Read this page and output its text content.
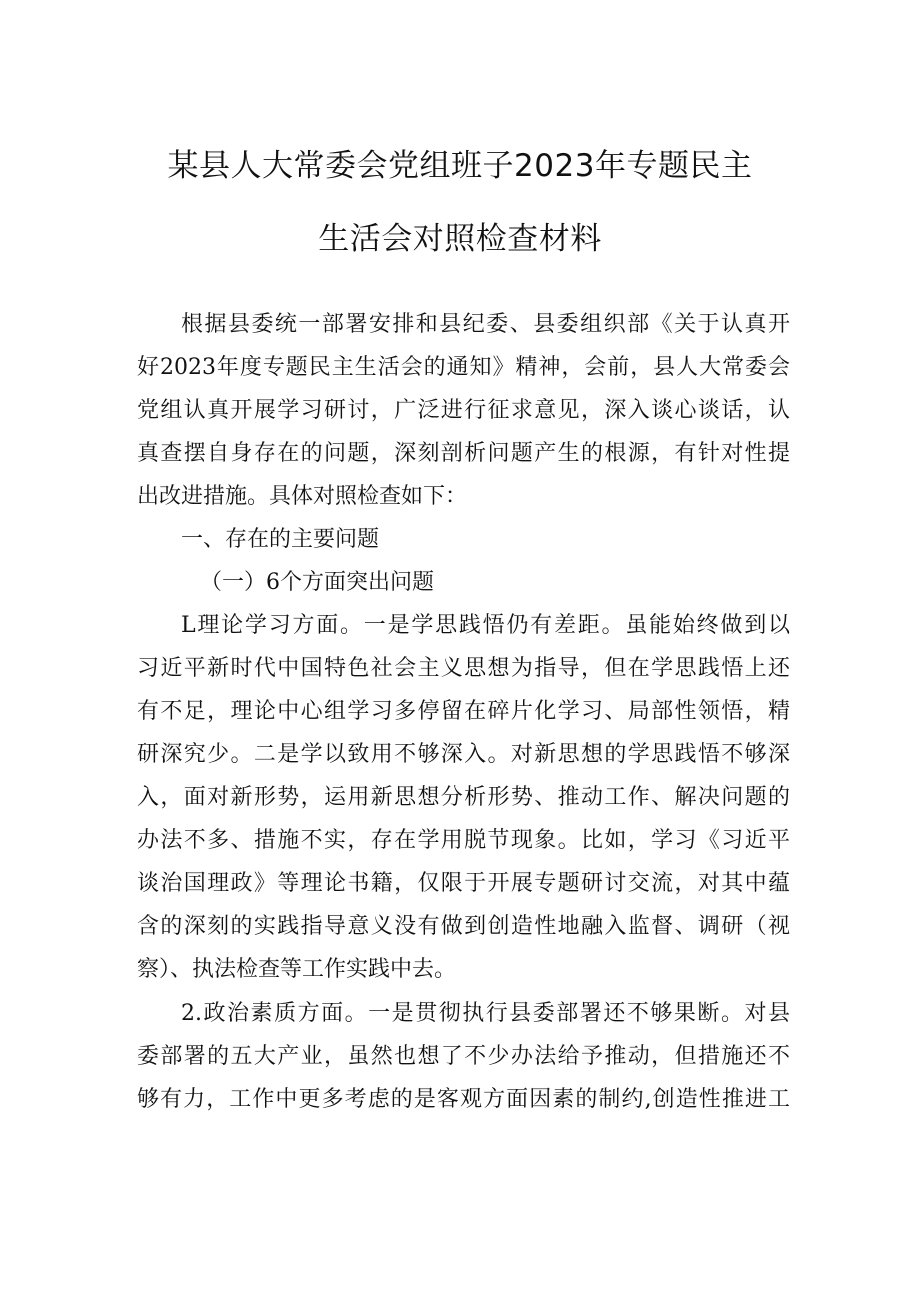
某县人大常委会党组班子2023年专题民主
生活会对照检查材料
根据县委统一部署安排和县纪委、县委组织部《关于认真开
好2023年度专题民主生活会的通知》精神，会前，县人大常委会
党组认真开展学习研讨，广泛进行征求意见，深入谈心谈话，认
真查摆自身存在的问题，深刻剖析问题产生的根源，有针对性提
出改进措施。具体对照检查如下：
一、存在的主要问题
（一）6个方面突出问题
L理论学习方面。一是学思践悟仍有差距。虽能始终做到以
习近平新时代中国特色社会主义思想为指导，但在学思践悟上还
有不足，理论中心组学习多停留在碎片化学习、局部性领悟，精
研深究少。二是学以致用不够深入。对新思想的学思践悟不够深
入，面对新形势，运用新思想分析形势、推动工作、解决问题的
办法不多、措施不实，存在学用脱节现象。比如，学习《习近平
谈治国理政》等理论书籍，仅限于开展专题研讨交流，对其中蕴
含的深刻的实践指导意义没有做到创造性地融入监督、调研（视
察）、执法检查等工作实践中去。
2.政治素质方面。一是贯彻执行县委部署还不够果断。对县
委部署的五大产业，虽然也想了不少办法给予推动，但措施还不
够有力，工作中更多考虑的是客观方面因素的制约,创造性推进工
